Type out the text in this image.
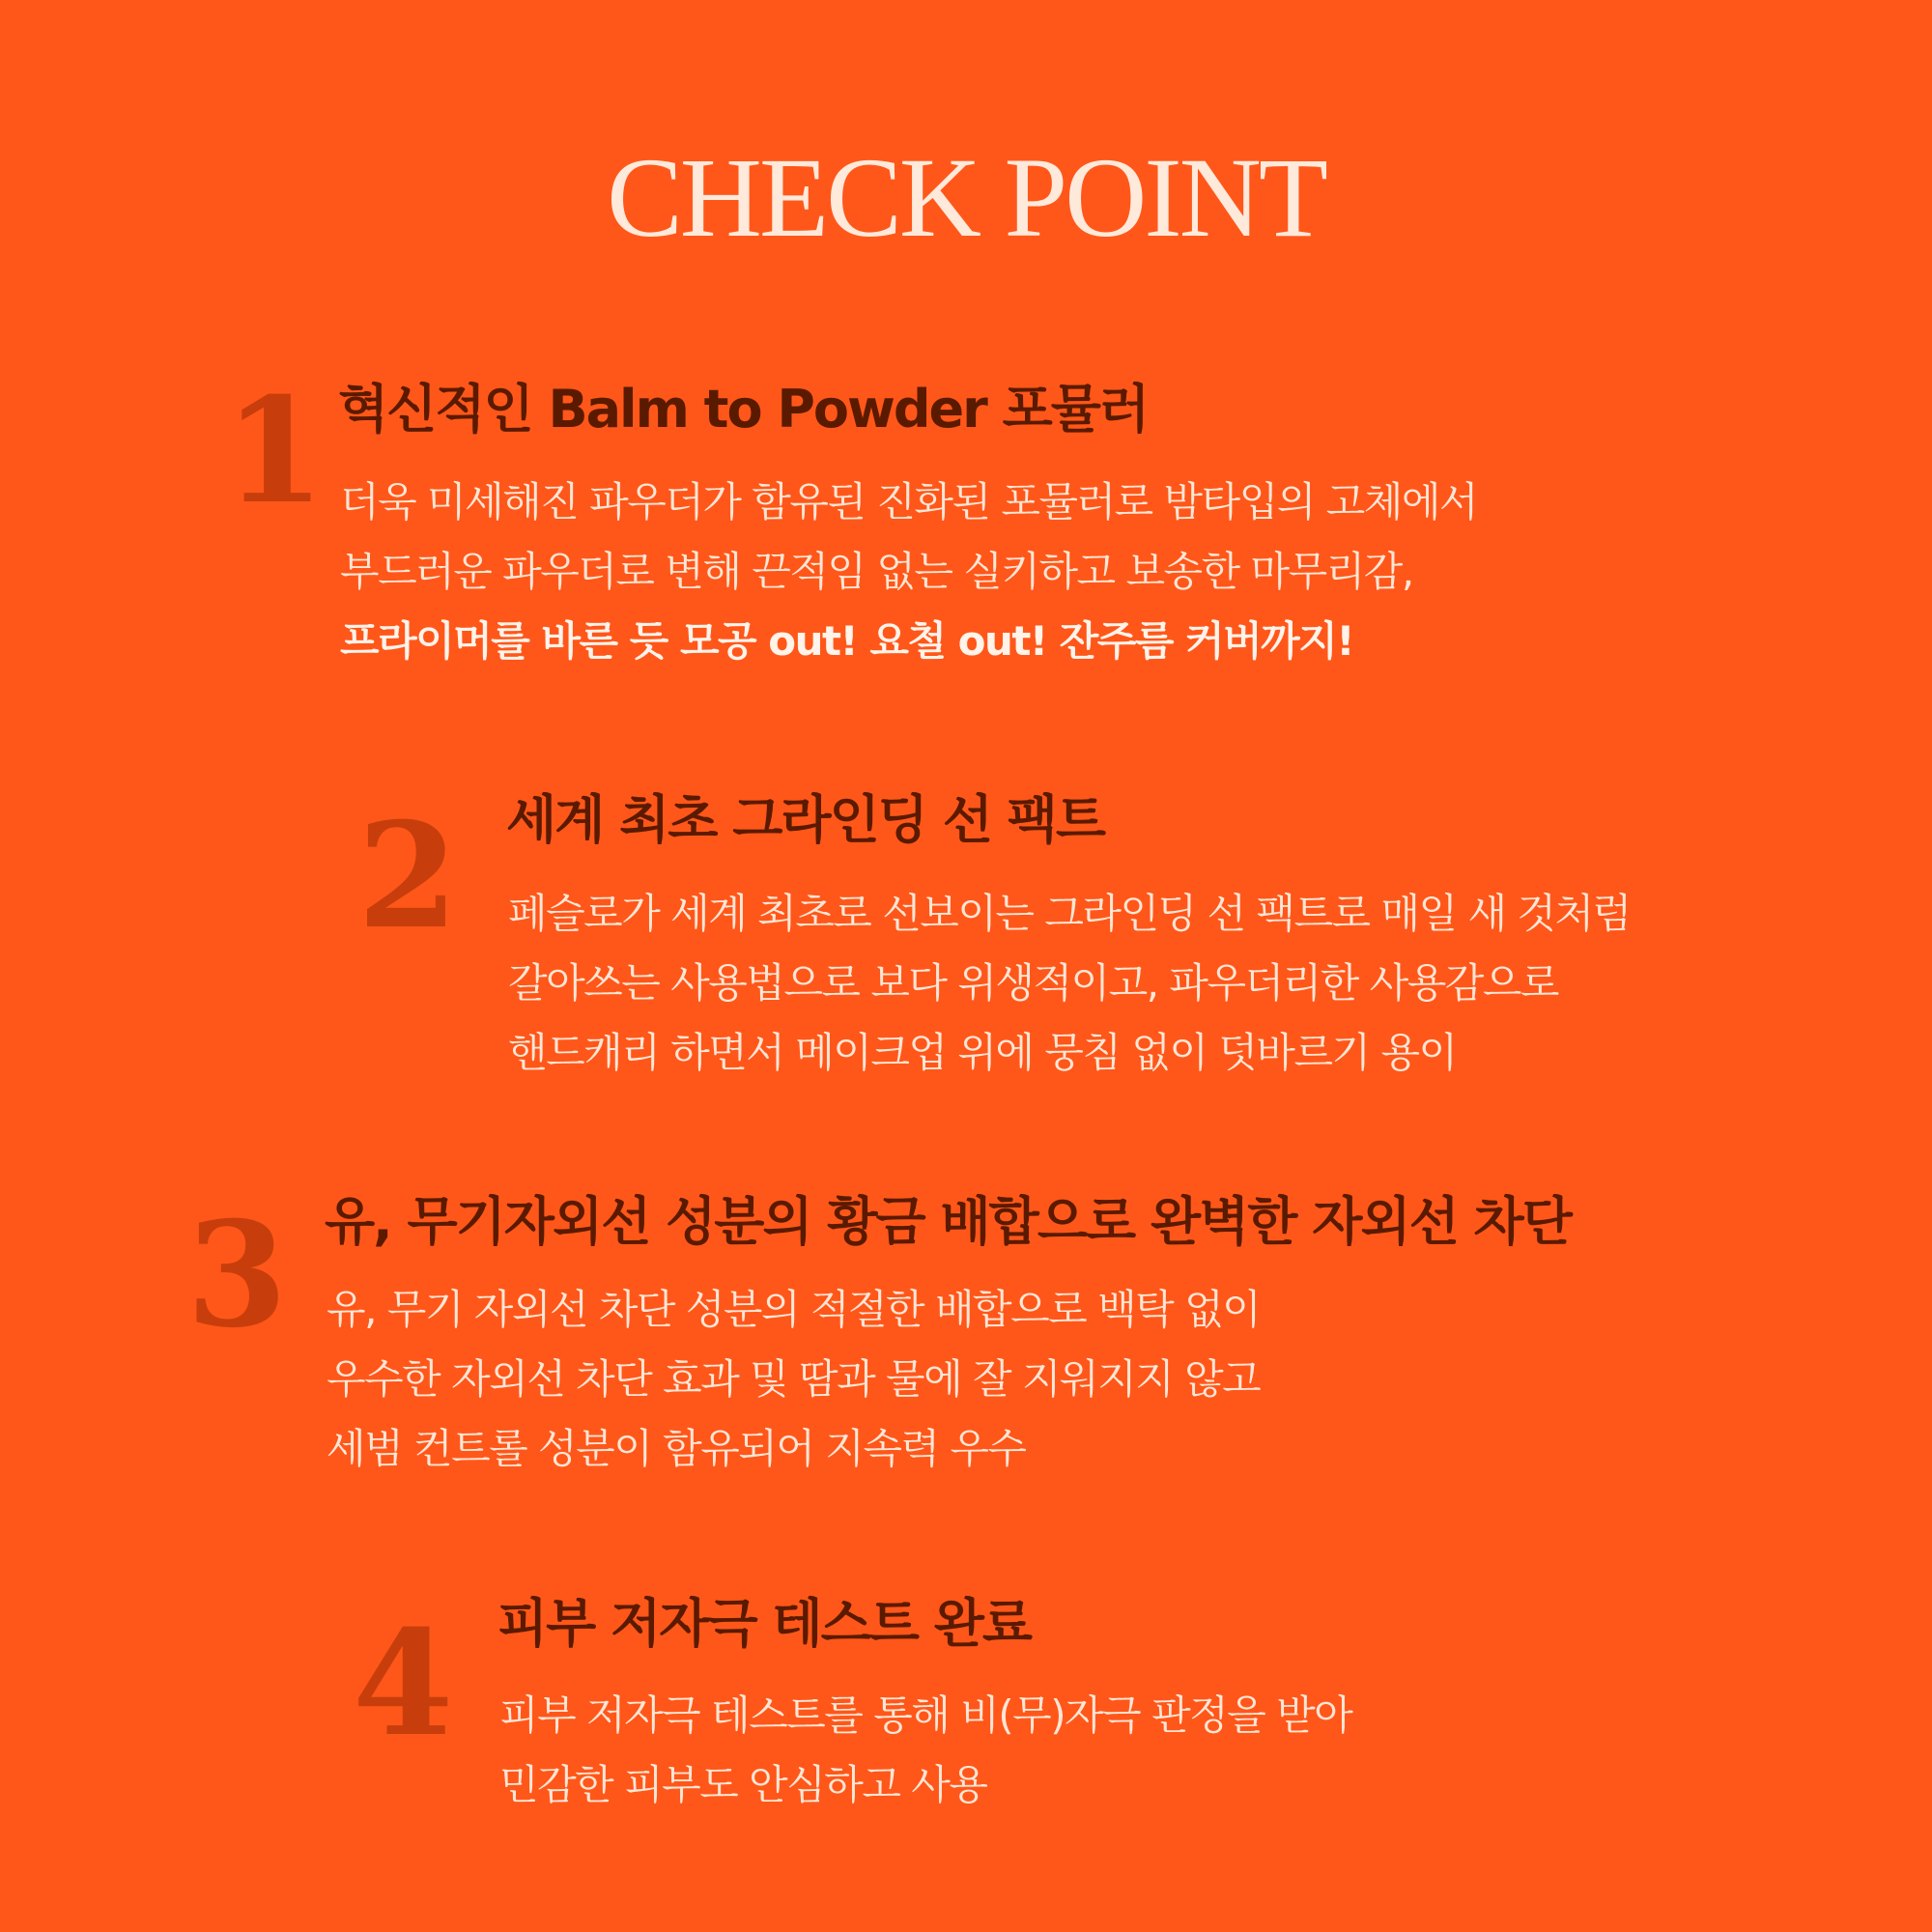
CHECK POINT
1 혁신적인 Balm to Powder 포뮬러
더욱 미세해진 파우더가 함유된 진화된 포뮬러로 밤타입의 고체에서
부드러운 파우더로 변해 끈적임 없는 실키하고 보송한 마무리감,
프라이머를 바른 듯 모공 out! 요철 out! 잔주름 커버까지!
2 세계 최초 그라인딩 선 팩트
페슬로가 세계 최초로 선보이는 그라인딩 선 팩트로 매일 새 것처럼
갈아쓰는 사용법으로 보다 위생적이고, 파우더리한 사용감으로
핸드캐리 하면서 메이크업 위에 뭉침 없이 덧바르기 용이
3 유, 무기자외선 성분의 황금 배합으로 완벽한 자외선 차단
유, 무기 자외선 차단 성분의 적절한 배합으로 백탁 없이
우수한 자외선 차단 효과 및 땀과 물에 잘 지워지지 않고
세범 컨트롤 성분이 함유되어 지속력 우수
4 피부 저자극 테스트 완료
피부 저자극 테스트를 통해 비(무)자극 판정을 받아
민감한 피부도 안심하고 사용
